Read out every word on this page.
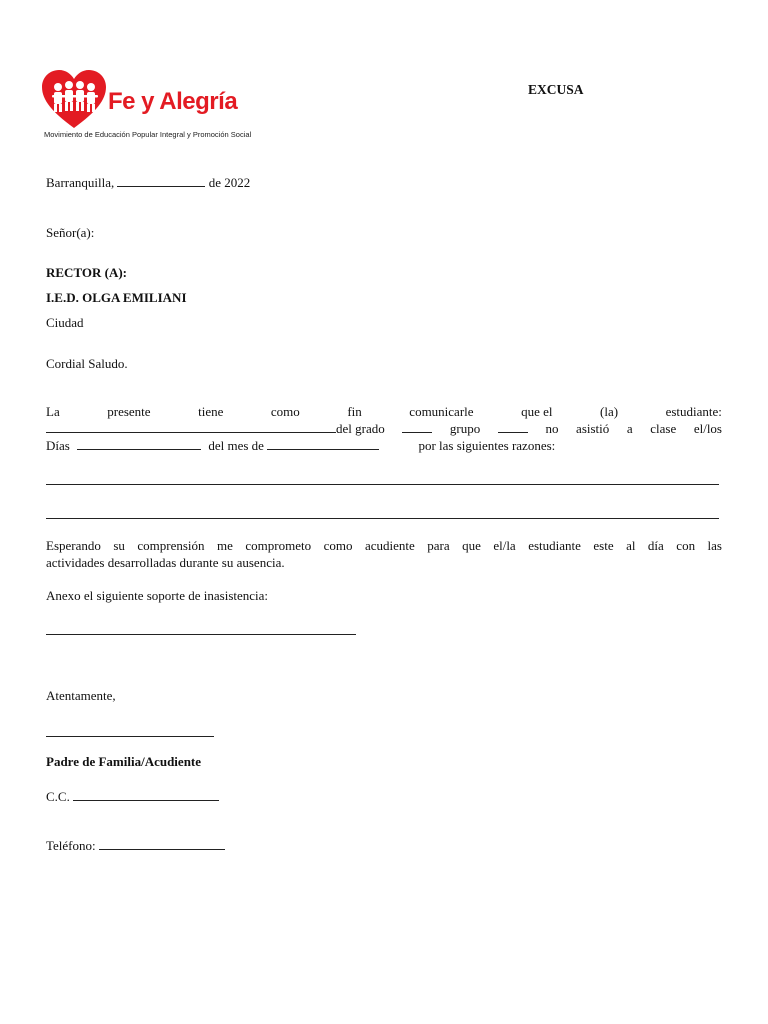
Fe y Alegría
Movimiento de Educación Popular Integral y Promoción Social
EXCUSA
Barranquilla,	de 2022
Señor(a):
RECTOR (A):
I.E.D. OLGA EMILIANI
Ciudad
Cordial Saludo.
La	presente	tiene	como	fin	comunicarle	que el	(la)	estudiante:
del grado	grupo	no asistió a clase el/los
Días	del mes de	por las siguientes razones:
Esperando su comprensión me comprometo como acudiente para que el/la estudiante este al día con las
actividades desarrolladas durante su ausencia.
Anexo el siguiente soporte de inasistencia:
Atentamente,
Padre de Familia/Acudiente
C.C.
Teléfono:
